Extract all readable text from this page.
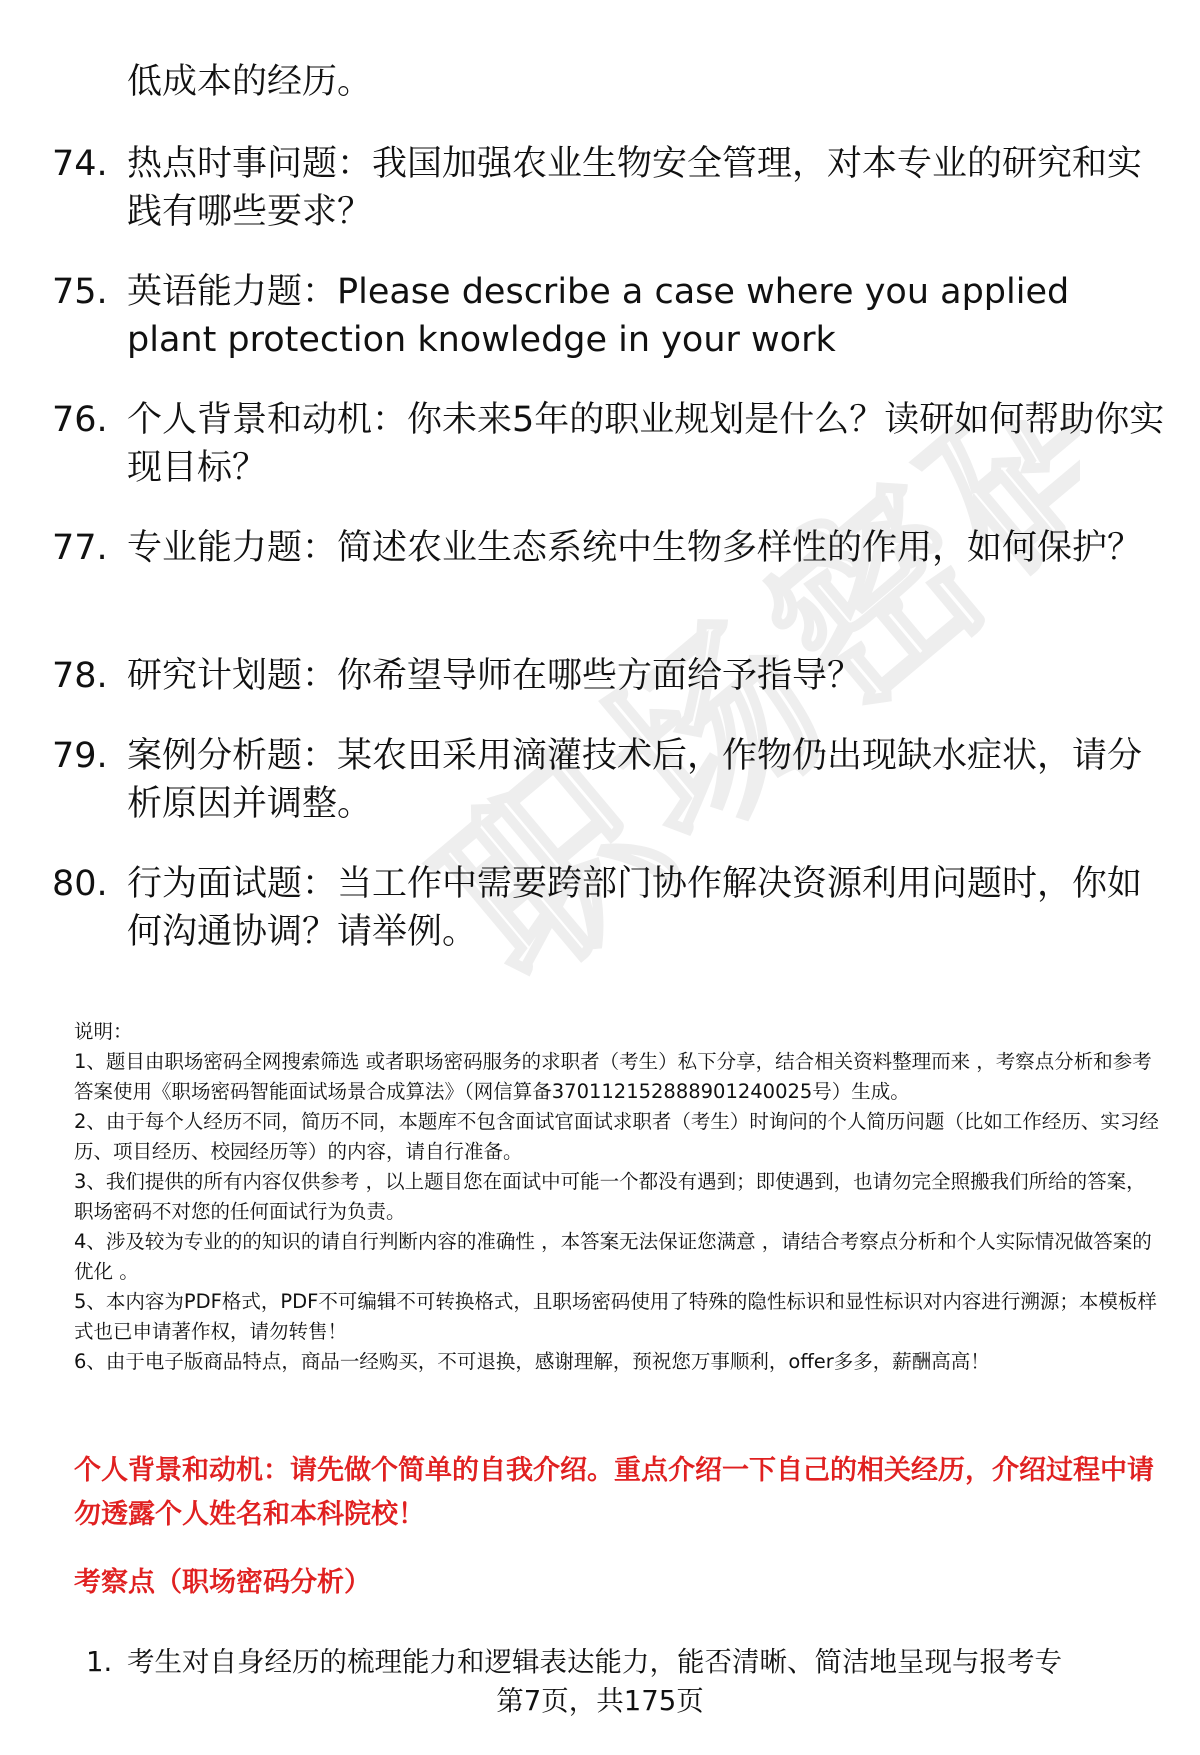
职场密码
低成本的经历。
74. 热点时事问题：我国加强农业生物安全管理，对本专业的研究和实践有哪些要求？
75. 英语能力题：Please describe a case where you applied plant protection knowledge in your work
76. 个人背景和动机：你未来5年的职业规划是什么？读研如何帮助你实现目标？
77. 专业能力题：简述农业生态系统中生物多样性的作用，如何保护？
78. 研究计划题：你希望导师在哪些方面给予指导？
79. 案例分析题：某农田采用滴灌技术后，作物仍出现缺水症状，请分析原因并调整。
80. 行为面试题：当工作中需要跨部门协作解决资源利用问题时，你如何沟通协调？请举例。

说明：

1、题目由职场密码全网搜索筛选 或者职场密码服务的求职者（考生）私下分享，结合相关资料整理而来 ，考察点分析和参考答案使用《职场密码智能面试场景合成算法》（网信算备370112152888901240025号）生成。

2、由于每个人经历不同，简历不同，本题库不包含面试官面试求职者（考生）时询问的个人简历问题（比如工作经历、实习经历、项目经历、校园经历等）的内容，请自行准备。

3、我们提供的所有内容仅供参考 ，以上题目您在面试中可能一个都没有遇到；即使遇到，也请勿完全照搬我们所给的答案，职场密码不对您的任何面试行为负责。

4、涉及较为专业的的知识的请自行判断内容的准确性 ，本答案无法保证您满意 ，请结合考察点分析和个人实际情况做答案的优化 。

5、本内容为PDF格式，PDF不可编辑不可转换格式，且职场密码使用了特殊的隐性标识和显性标识对内容进行溯源；本模板样式也已申请著作权，请勿转售！

6、由于电子版商品特点，商品一经购买，不可退换，感谢理解，预祝您万事顺利，offer多多，薪酬高高！

个人背景和动机：请先做个简单的自我介绍。重点介绍一下自己的相关经历，介绍过程中请勿透露个人姓名和本科院校！
考察点（职场密码分析）
1. 考生对自身经历的梳理能力和逻辑表达能力，能否清晰、简洁地呈现与报考专
第7页，共175页
